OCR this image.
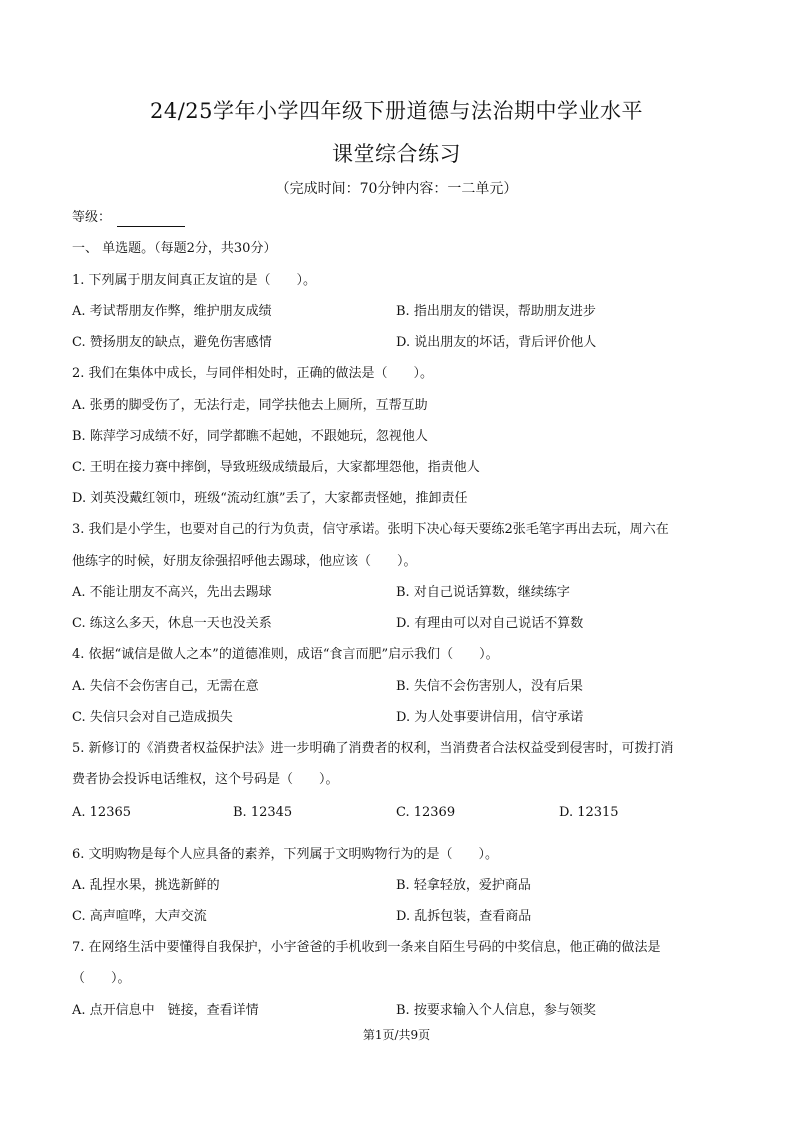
24/25学年小学四年级下册道德与法治期中学业水平
课堂综合练习
（完成时间：70分钟内容：一二单元）
等级：
一、 单选题。（每题2分，共30分）
1. 下列属于朋友间真正友谊的是（　　）。
A. 考试帮朋友作弊，维护朋友成绩	B. 指出朋友的错误，帮助朋友进步
C. 赞扬朋友的缺点，避免伤害感情	D. 说出朋友的坏话，背后评价他人
2. 我们在集体中成长，与同伴相处时，正确的做法是（　　）。
A. 张勇的脚受伤了，无法行走，同学扶他去上厕所，互帮互助
B. 陈萍学习成绩不好，同学都瞧不起她，不跟她玩，忽视他人
C. 王明在接力赛中摔倒，导致班级成绩最后，大家都埋怨他，指责他人
D. 刘英没戴红领巾，班级“流动红旗”丢了，大家都责怪她，推卸责任
3. 我们是小学生，也要对自己的行为负责，信守承诺。张明下决心每天要练2张毛笔字再出去玩，周六在
他练字的时候，好朋友徐强招呼他去踢球，他应该（　　）。
A. 不能让朋友不高兴，先出去踢球	B. 对自己说话算数，继续练字
C. 练这么多天，休息一天也没关系	D. 有理由可以对自己说话不算数
4. 依据“诚信是做人之本”的道德准则，成语“食言而肥”启示我们（　　）。
A. 失信不会伤害自己，无需在意	B. 失信不会伤害别人，没有后果
C. 失信只会对自己造成损失	D. 为人处事要讲信用，信守承诺
5. 新修订的《消费者权益保护法》进一步明确了消费者的权利，当消费者合法权益受到侵害时，可拨打消
费者协会投诉电话维权，这个号码是（　　）。
A. 12365	B. 12345	C. 12369	D. 12315
6. 文明购物是每个人应具备的素养，下列属于文明购物行为的是（　　）。
A. 乱捏水果，挑选新鲜的	B. 轻拿轻放，爱护商品
C. 高声喧哗，大声交流	D. 乱拆包装，查看商品
7. 在网络生活中要懂得自我保护，小宇爸爸的手机收到一条来自陌生号码的中奖信息，他正确的做法是
（　　）。
A. 点开信息中　链接，查看详情	B. 按要求输入个人信息，参与领奖
第1页/共9页
